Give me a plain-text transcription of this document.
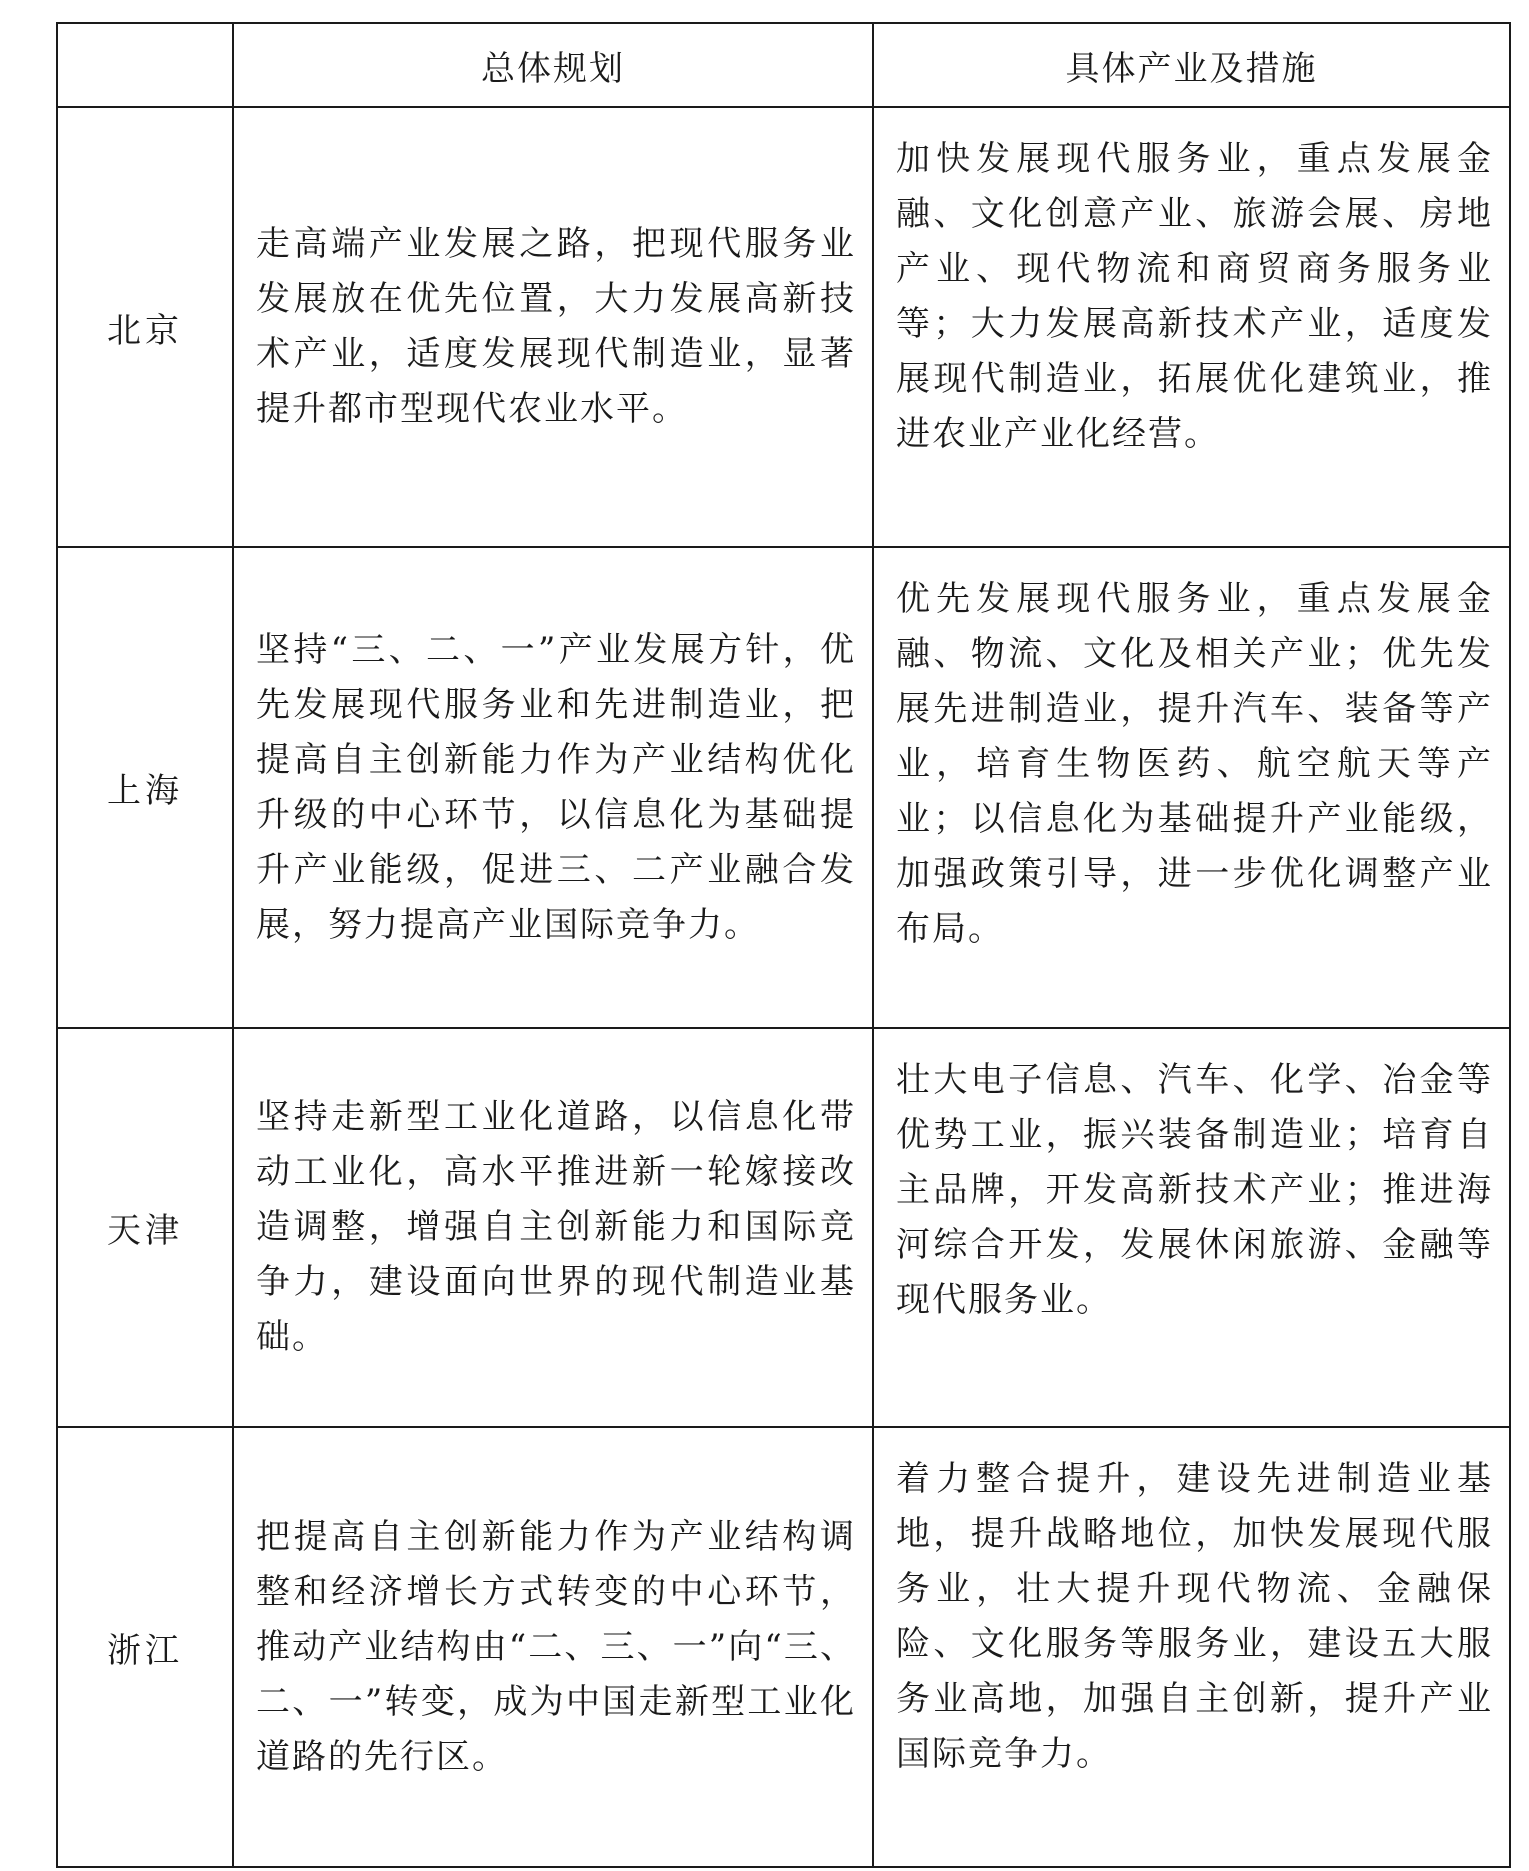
	总体规划	具体产业及措施
北京	走高端产业发展之路，把现代服务业发展放在优先位置，大力发展高新技术产业，适度发展现代制造业，显著提升都市型现代农业水平。	加快发展现代服务业，重点发展金融、文化创意产业、旅游会展、房地产业、现代物流和商贸商务服务业等；大力发展高新技术产业，适度发展现代制造业，拓展优化建筑业，推进农业产业化经营。
上海	坚持“三、二、一”产业发展方针，优先发展现代服务业和先进制造业，把提高自主创新能力作为产业结构优化升级的中心环节，以信息化为基础提升产业能级，促进三、二产业融合发展，努力提高产业国际竞争力。	优先发展现代服务业，重点发展金融、物流、文化及相关产业；优先发展先进制造业，提升汽车、装备等产业，培育生物医药、航空航天等产业；以信息化为基础提升产业能级，加强政策引导，进一步优化调整产业布局。
天津	坚持走新型工业化道路，以信息化带动工业化，高水平推进新一轮嫁接改造调整，增强自主创新能力和国际竞争力，建设面向世界的现代制造业基础。	壮大电子信息、汽车、化学、冶金等优势工业，振兴装备制造业；培育自主品牌，开发高新技术产业；推进海河综合开发，发展休闲旅游、金融等现代服务业。
浙江	把提高自主创新能力作为产业结构调整和经济增长方式转变的中心环节，推动产业结构由“二、三、一”向“三、二、一”转变，成为中国走新型工业化道路的先行区。	着力整合提升，建设先进制造业基地，提升战略地位，加快发展现代服务业，壮大提升现代物流、金融保险、文化服务等服务业，建设五大服务业高地，加强自主创新，提升产业国际竞争力。
